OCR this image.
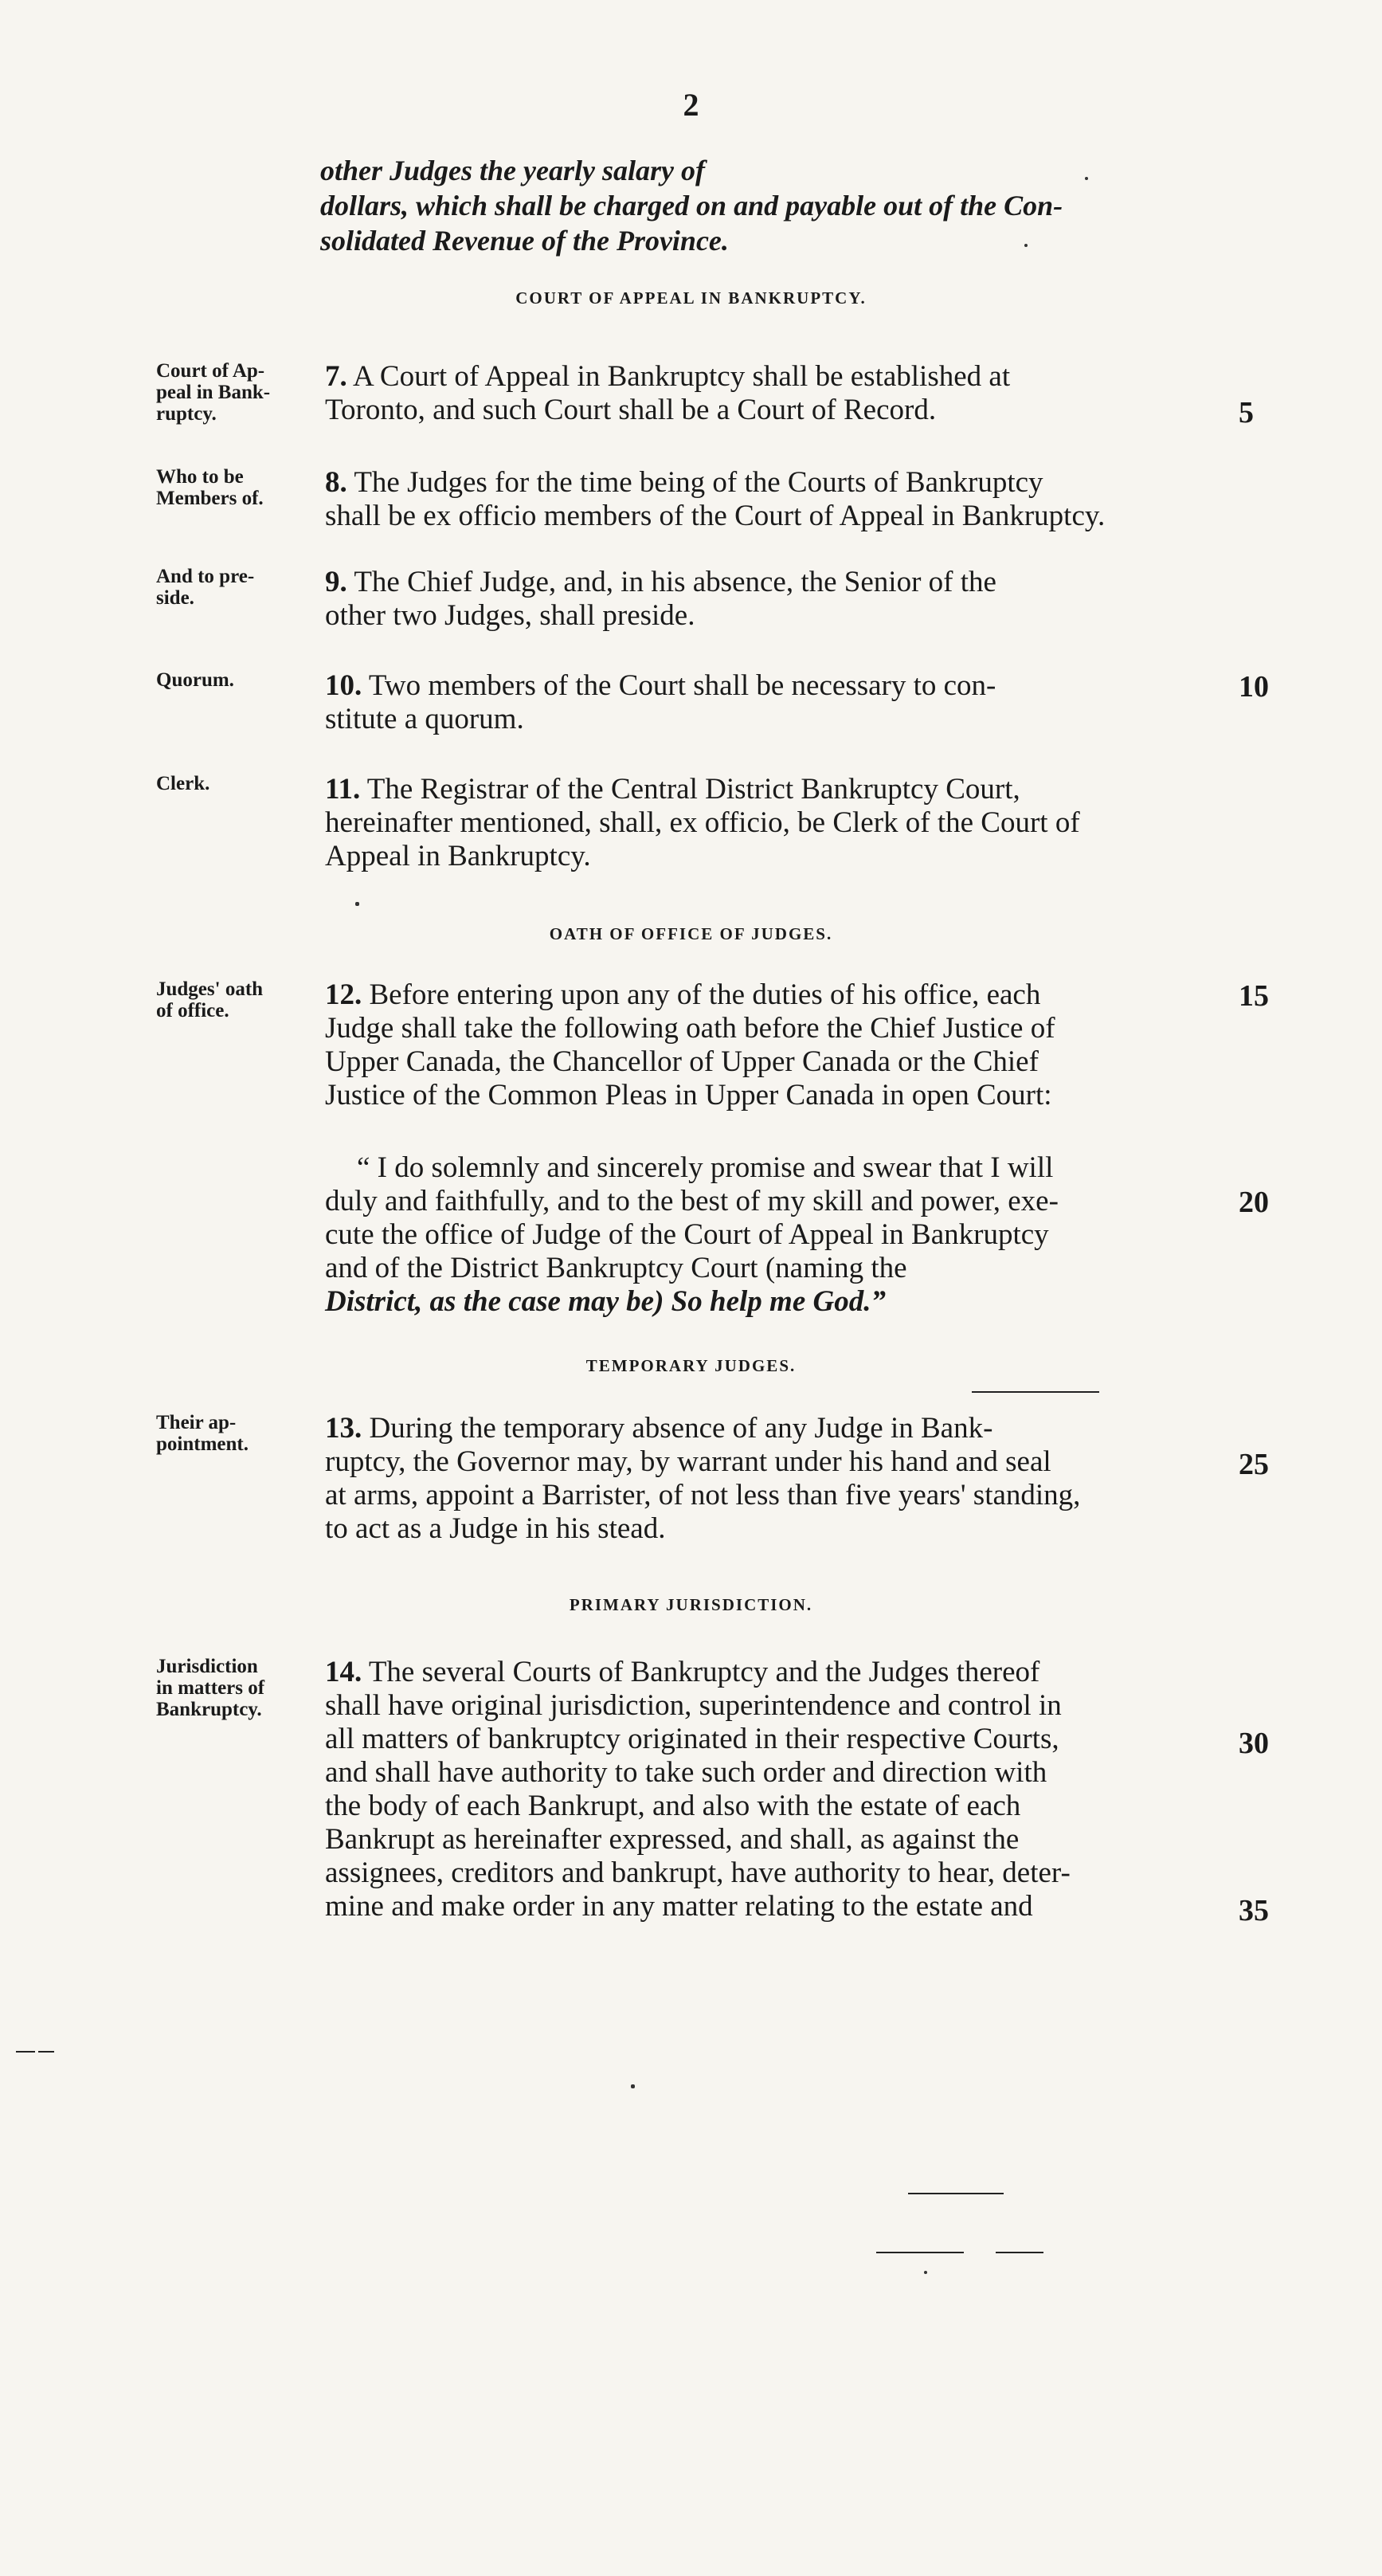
2
other Judges the yearly salary of
dollars, which shall be charged on and payable out of the Con-
solidated Revenue of the Province.
COURT OF APPEAL IN BANKRUPTCY.
Court of Ap-
peal in Bank-
ruptcy.
7. A Court of Appeal in Bankruptcy shall be established at
Toronto, and such Court shall be a Court of Record.	5
Who to be
Members of.	8. The Judges for the time being of the Courts of Bankruptcy
shall be ex officio members of the Court of Appeal in Bankruptcy.
And to pre-
side.	9. The Chief Judge, and, in his absence, the Senior of the
other two Judges, shall preside.
Quorum.	10. Two members of the Court shall be necessary to con-
stitute a quorum.
10
Clerk.	11. The Registrar of the Central District Bankruptcy Court,
hereinafter mentioned, shall, ex officio, be Clerk of the Court of
Appeal in Bankruptcy.
OATH OF OFFICE OF JUDGES.
Judges' oath
of office.	12. Before entering upon any of the duties of his office, each
Judge shall take the following oath before the Chief Justice of
Upper Canada, the Chancellor of Upper Canada or the Chief
Justice of the Common Pleas in Upper Canada in open Court:
15
“ I do solemnly and sincerely promise and swear that I will
duly and faithfully, and to the best of my skill and power, exe-
cute the office of Judge of the Court of Appeal in Bankruptcy
and of the District Bankruptcy Court (naming the
District, as the case may be) So help me God.”
20
TEMPORARY JUDGES.
Their ap-
pointment.	13. During the temporary absence of any Judge in Bank-
ruptcy, the Governor may, by warrant under his hand and seal
at arms, appoint a Barrister, of not less than five years' standing,
to act as a Judge in his stead.
25
PRIMARY JURISDICTION.
Jurisdiction
in matters of
Bankruptcy.
14. The several Courts of Bankruptcy and the Judges thereof
shall have original jurisdiction, superintendence and control in
all matters of bankruptcy originated in their respective Courts,
and shall have authority to take such order and direction with
the body of each Bankrupt, and also with the estate of each
Bankrupt as hereinafter expressed, and shall, as against the
assignees, creditors and bankrupt, have authority to hear, deter-
mine and make order in any matter relating to the estate and
30
35
